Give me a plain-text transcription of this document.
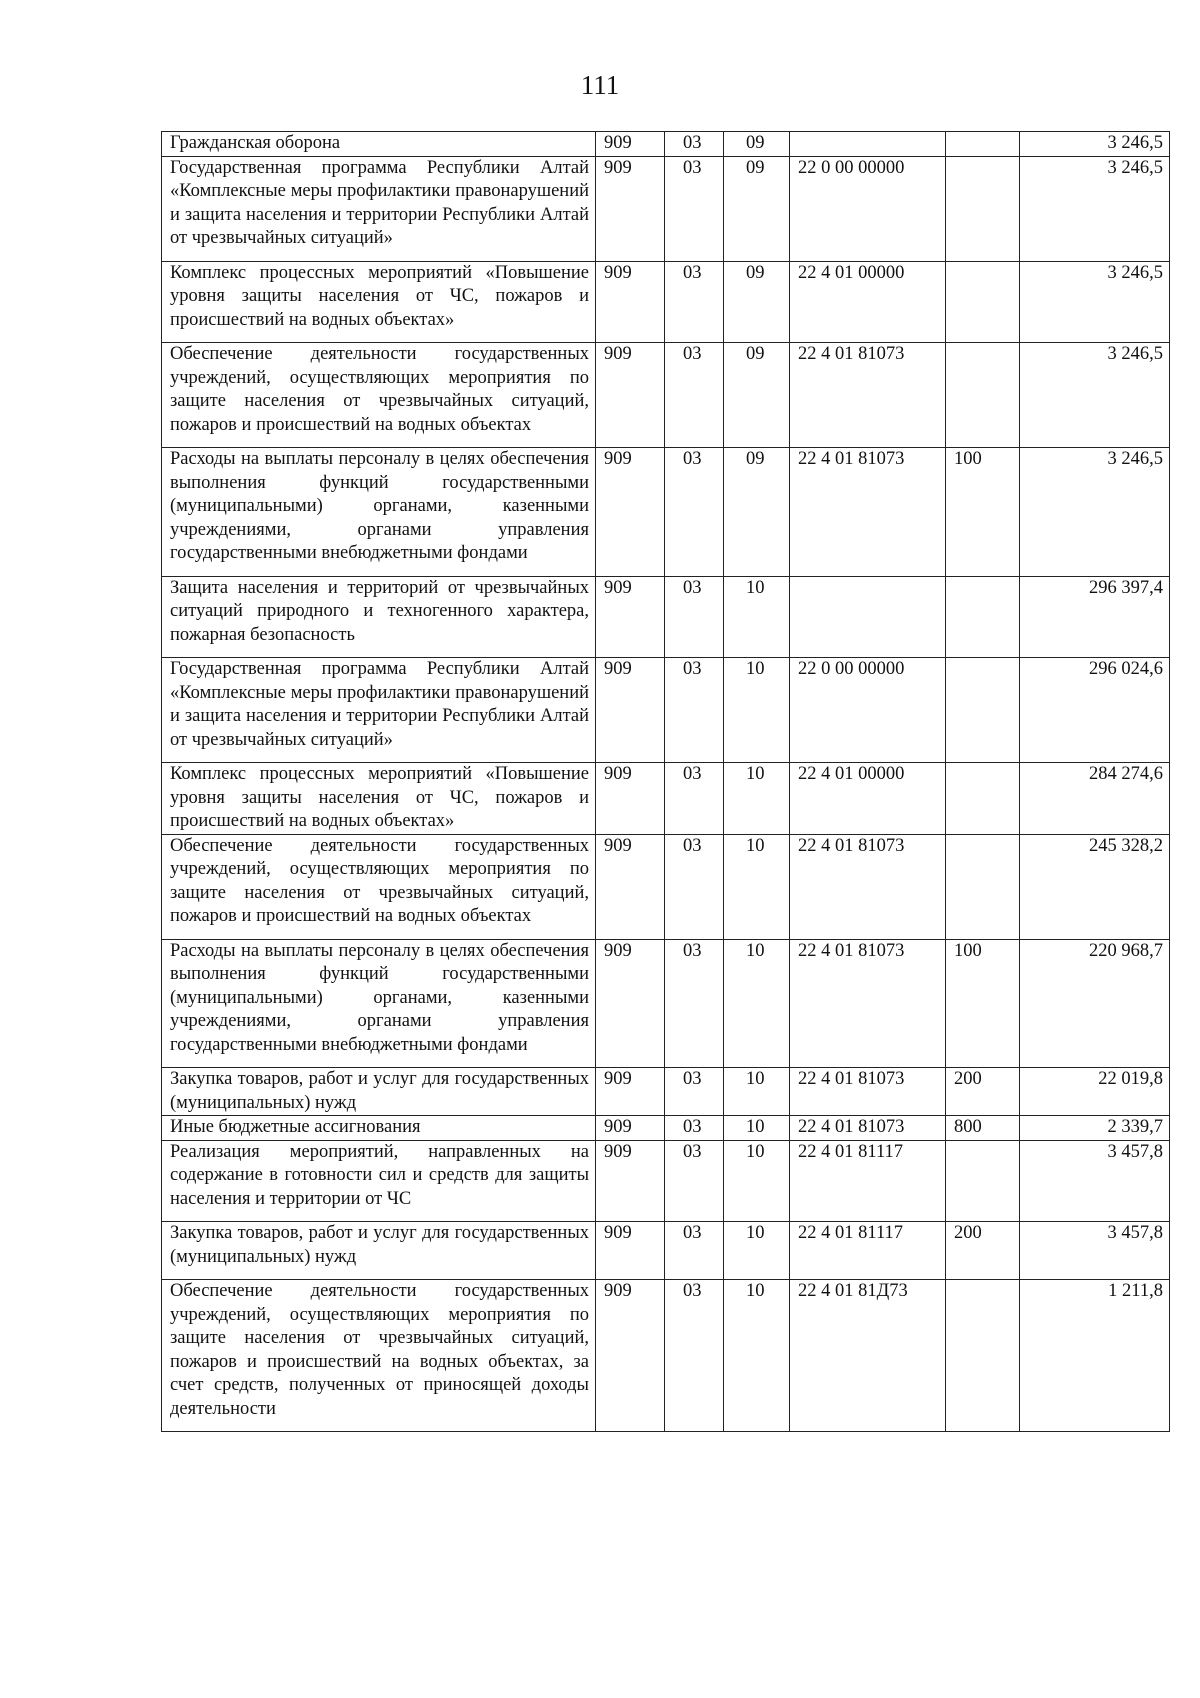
111
Гражданская оборона	909	03	09			3 246,5
Государственная программа Республики Алтай «Комплексные меры профилактики правонарушений и защита населения и территории Республики Алтай от чрезвычайных ситуаций»	909	03	09	22 0 00 00000		3 246,5
Комплекс процессных мероприятий «Повышение уровня защиты населения от ЧС, пожаров и происшествий на водных объектах»	909	03	09	22 4 01 00000		3 246,5
Обеспечение деятельности государственных учреждений, осуществляющих мероприятия по защите населения от чрезвычайных ситуаций, пожаров и происшествий на водных объектах	909	03	09	22 4 01 81073		3 246,5
Расходы на выплаты персоналу в целях обеспечения выполнения функций государственными (муниципальными) органами, казенными учреждениями, органами управления государственными внебюджетными фондами	909	03	09	22 4 01 81073	100	3 246,5
Защита населения и территорий от чрезвычайных ситуаций природного и техногенного характера, пожарная безопасность	909	03	10			296 397,4
Государственная программа Республики Алтай «Комплексные меры профилактики правонарушений и защита населения и территории Республики Алтай от чрезвычайных ситуаций»	909	03	10	22 0 00 00000		296 024,6
Комплекс процессных мероприятий «Повышение уровня защиты населения от ЧС, пожаров и происшествий на водных объектах»	909	03	10	22 4 01 00000		284 274,6
Обеспечение деятельности государственных учреждений, осуществляющих мероприятия по защите населения от чрезвычайных ситуаций, пожаров и происшествий на водных объектах	909	03	10	22 4 01 81073		245 328,2
Расходы на выплаты персоналу в целях обеспечения выполнения функций государственными (муниципальными) органами, казенными учреждениями, органами управления государственными внебюджетными фондами	909	03	10	22 4 01 81073	100	220 968,7
Закупка товаров, работ и услуг для государственных (муниципальных) нужд	909	03	10	22 4 01 81073	200	22 019,8
Иные бюджетные ассигнования	909	03	10	22 4 01 81073	800	2 339,7
Реализация мероприятий, направленных на содержание в готовности сил и средств для защиты населения и территории от ЧС	909	03	10	22 4 01 81117		3 457,8
Закупка товаров, работ и услуг для государственных (муниципальных) нужд	909	03	10	22 4 01 81117	200	3 457,8
Обеспечение деятельности государственных учреждений, осуществляющих мероприятия по защите населения от чрезвычайных ситуаций, пожаров и происшествий на водных объектах, за счет средств, полученных от приносящей доходы деятельности	909	03	10	22 4 01 81Д73		1 211,8
